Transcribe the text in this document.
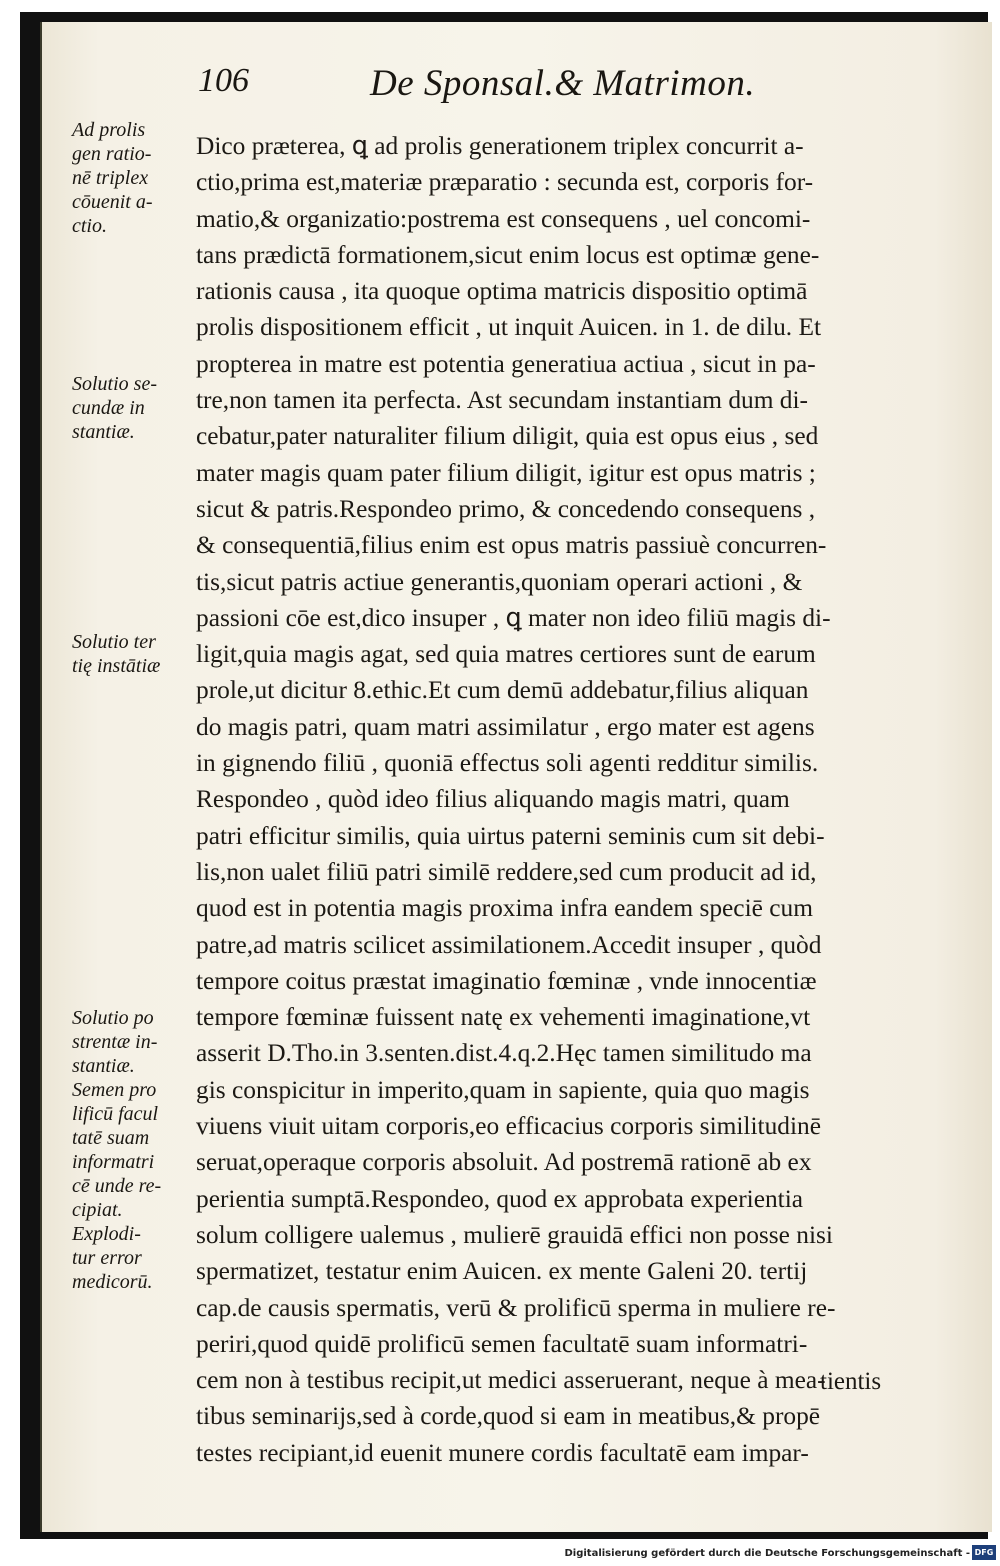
106	De Sponsal.& Matrimon.
Ad prolis
gen ratio-
nē triplex
cōuenit a-
ctio.
Solutio se-
cundæ in
stantiæ.
Solutio ter
tię instātiæ
Solutio po
strentæ in-
stantiæ.
Semen pro
lificū facul
tatē suam
informatri
cē unde re-
cipiat.
Explodi-
tur error
medicorū.
Dico præterea, ꝗ ad prolis generationem triplex concurrit a-
ctio,prima est,materiæ præparatio : secunda est, corporis for-
matio,& organizatio:postrema est consequens , uel concomi-
tans prædictā formationem,sicut enim locus est optimæ gene-
rationis causa , ita quoque optima matricis dispositio optimā
prolis dispositionem efficit , ut inquit Auicen. in 1. de dilu. Et
propterea in matre est potentia generatiua actiua , sicut in pa-
tre,non tamen ita perfecta. Ast secundam instantiam dum di-
cebatur,pater naturaliter filium diligit, quia est opus eius , sed
mater magis quam pater filium diligit, igitur est opus matris ;
sicut & patris.Respondeo primo, & concedendo consequens ,
& consequentiā,filius enim est opus matris passiuè concurren-
tis,sicut patris actiue generantis,quoniam operari actioni , &
passioni cōe est,dico insuper , ꝗ mater non ideo filiū magis di-
ligit,quia magis agat, sed quia matres certiores sunt de earum
prole,ut dicitur 8.ethic.Et cum demū addebatur,filius aliquan
do magis patri, quam matri assimilatur , ergo mater est agens
in gignendo filiū , quoniā effectus soli agenti redditur similis.
Respondeo , quòd ideo filius aliquando magis matri, quam
patri efficitur similis, quia uirtus paterni seminis cum sit debi-
lis,non ualet filiū patri similē reddere,sed cum producit ad id,
quod est in potentia magis proxima infra eandem speciē cum
patre,ad matris scilicet assimilationem.Accedit insuper , quòd
tempore coitus præstat imaginatio fœminæ , vnde innocentiæ
tempore fœminæ fuissent natę ex vehementi imaginatione,vt
asserit D.Tho.in 3.senten.dist.4.q.2.Hęc tamen similitudo ma
gis conspicitur in imperito,quam in sapiente, quia quo magis
viuens viuit uitam corporis,eo efficacius corporis similitudinē
seruat,operaque corporis absoluit. Ad postremā rationē ab ex
perientia sumptā.Respondeo, quod ex approbata experientia
solum colligere ualemus , mulierē grauidā effici non posse nisi
spermatizet, testatur enim Auicen. ex mente Galeni 20. tertij
cap.de causis spermatis, verū & prolificū sperma in muliere re-
periri,quod quidē prolificū semen facultatē suam informatri-
cem non à testibus recipit,ut medici asseruerant, neque à mea-
tibus seminarijs,sed à corde,quod si eam in meatibus,& propē
testes recipiant,id euenit munere cordis facultatē eam impar-
tientis
Digitalisierung gefördert durch die Deutsche Forschungsgemeinschaft - DFG
